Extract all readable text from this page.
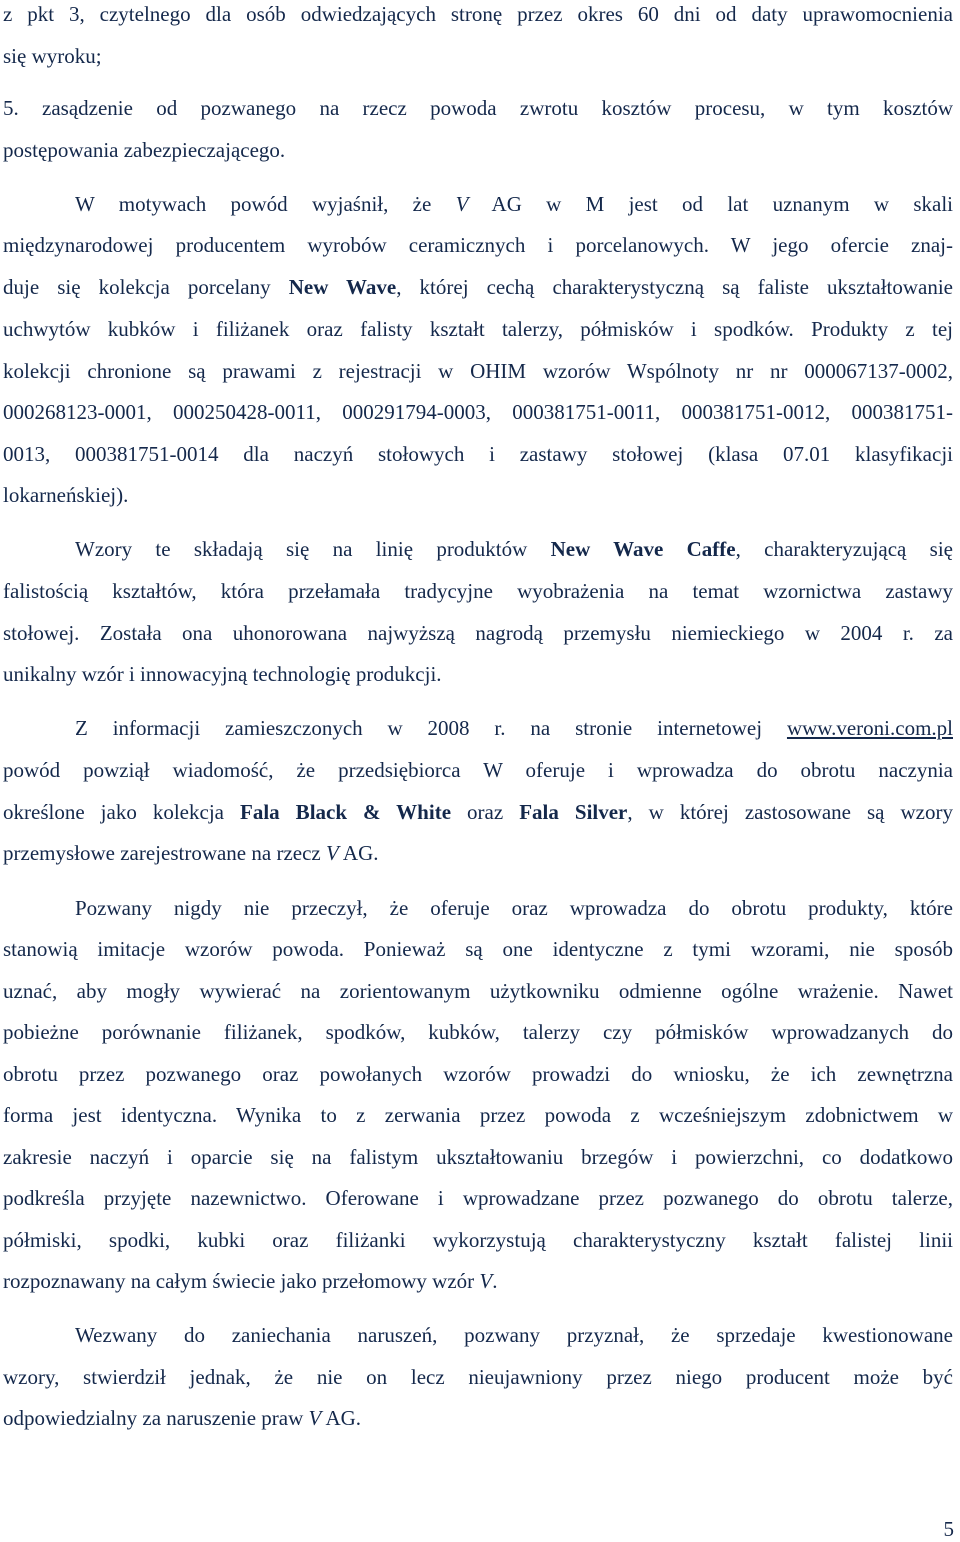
z pkt 3, czytelnego dla osób odwiedzających stronę przez okres 60 dni od daty uprawomocnienia
się wyroku;
5. zasądzenie od pozwanego na rzecz powoda zwrotu kosztów procesu, w tym kosztów
postępowania zabezpieczającego.
W motywach powód wyjaśnił, że V AG w M jest od lat uznanym w skali
międzynarodowej producentem wyrobów ceramicznych i porcelanowych. W jego ofercie znaj-
duje się kolekcja porcelany New Wave, której cechą charakterystyczną są faliste ukształtowanie
uchwytów kubków i filiżanek oraz falisty kształt talerzy, półmisków i spodków. Produkty z tej
kolekcji chronione są prawami z rejestracji w OHIM wzorów Wspólnoty nr nr 000067137-0002,
000268123-0001, 000250428-0011, 000291794-0003, 000381751-0011, 000381751-0012, 000381751-
0013, 000381751-0014 dla naczyń stołowych i zastawy stołowej (klasa 07.01 klasyfikacji
lokarneńskiej).
Wzory te składają się na linię produktów New Wave Caffe, charakteryzującą się
falistością kształtów, która przełamała tradycyjne wyobrażenia na temat wzornictwa zastawy
stołowej. Została ona uhonorowana najwyższą nagrodą przemysłu niemieckiego w 2004 r. za
unikalny wzór i innowacyjną technologię produkcji.
Z informacji zamieszczonych w 2008 r. na stronie internetowej www.veroni.com.pl
powód powziął wiadomość, że przedsiębiorca W oferuje i wprowadza do obrotu naczynia
określone jako kolekcja Fala Black & White oraz Fala Silver, w której zastosowane są wzory
przemysłowe zarejestrowane na rzecz V AG.
Pozwany nigdy nie przeczył, że oferuje oraz wprowadza do obrotu produkty, które
stanowią imitacje wzorów powoda. Ponieważ są one identyczne z tymi wzorami, nie sposób
uznać, aby mogły wywierać na zorientowanym użytkowniku odmienne ogólne wrażenie. Nawet
pobieżne porównanie filiżanek, spodków, kubków, talerzy czy półmisków wprowadzanych do
obrotu przez pozwanego oraz powołanych wzorów prowadzi do wniosku, że ich zewnętrzna
forma jest identyczna. Wynika to z zerwania przez powoda z wcześniejszym zdobnictwem w
zakresie naczyń i oparcie się na falistym ukształtowaniu brzegów i powierzchni, co dodatkowo
podkreśla przyjęte nazewnictwo. Oferowane i wprowadzane przez pozwanego do obrotu talerze,
półmiski, spodki, kubki oraz filiżanki wykorzystują charakterystyczny kształt falistej linii
rozpoznawany na całym świecie jako przełomowy wzór V.
Wezwany do zaniechania naruszeń, pozwany przyznał, że sprzedaje kwestionowane
wzory, stwierdził jednak, że nie on lecz nieujawniony przez niego producent może być
odpowiedzialny za naruszenie praw V AG.
5
